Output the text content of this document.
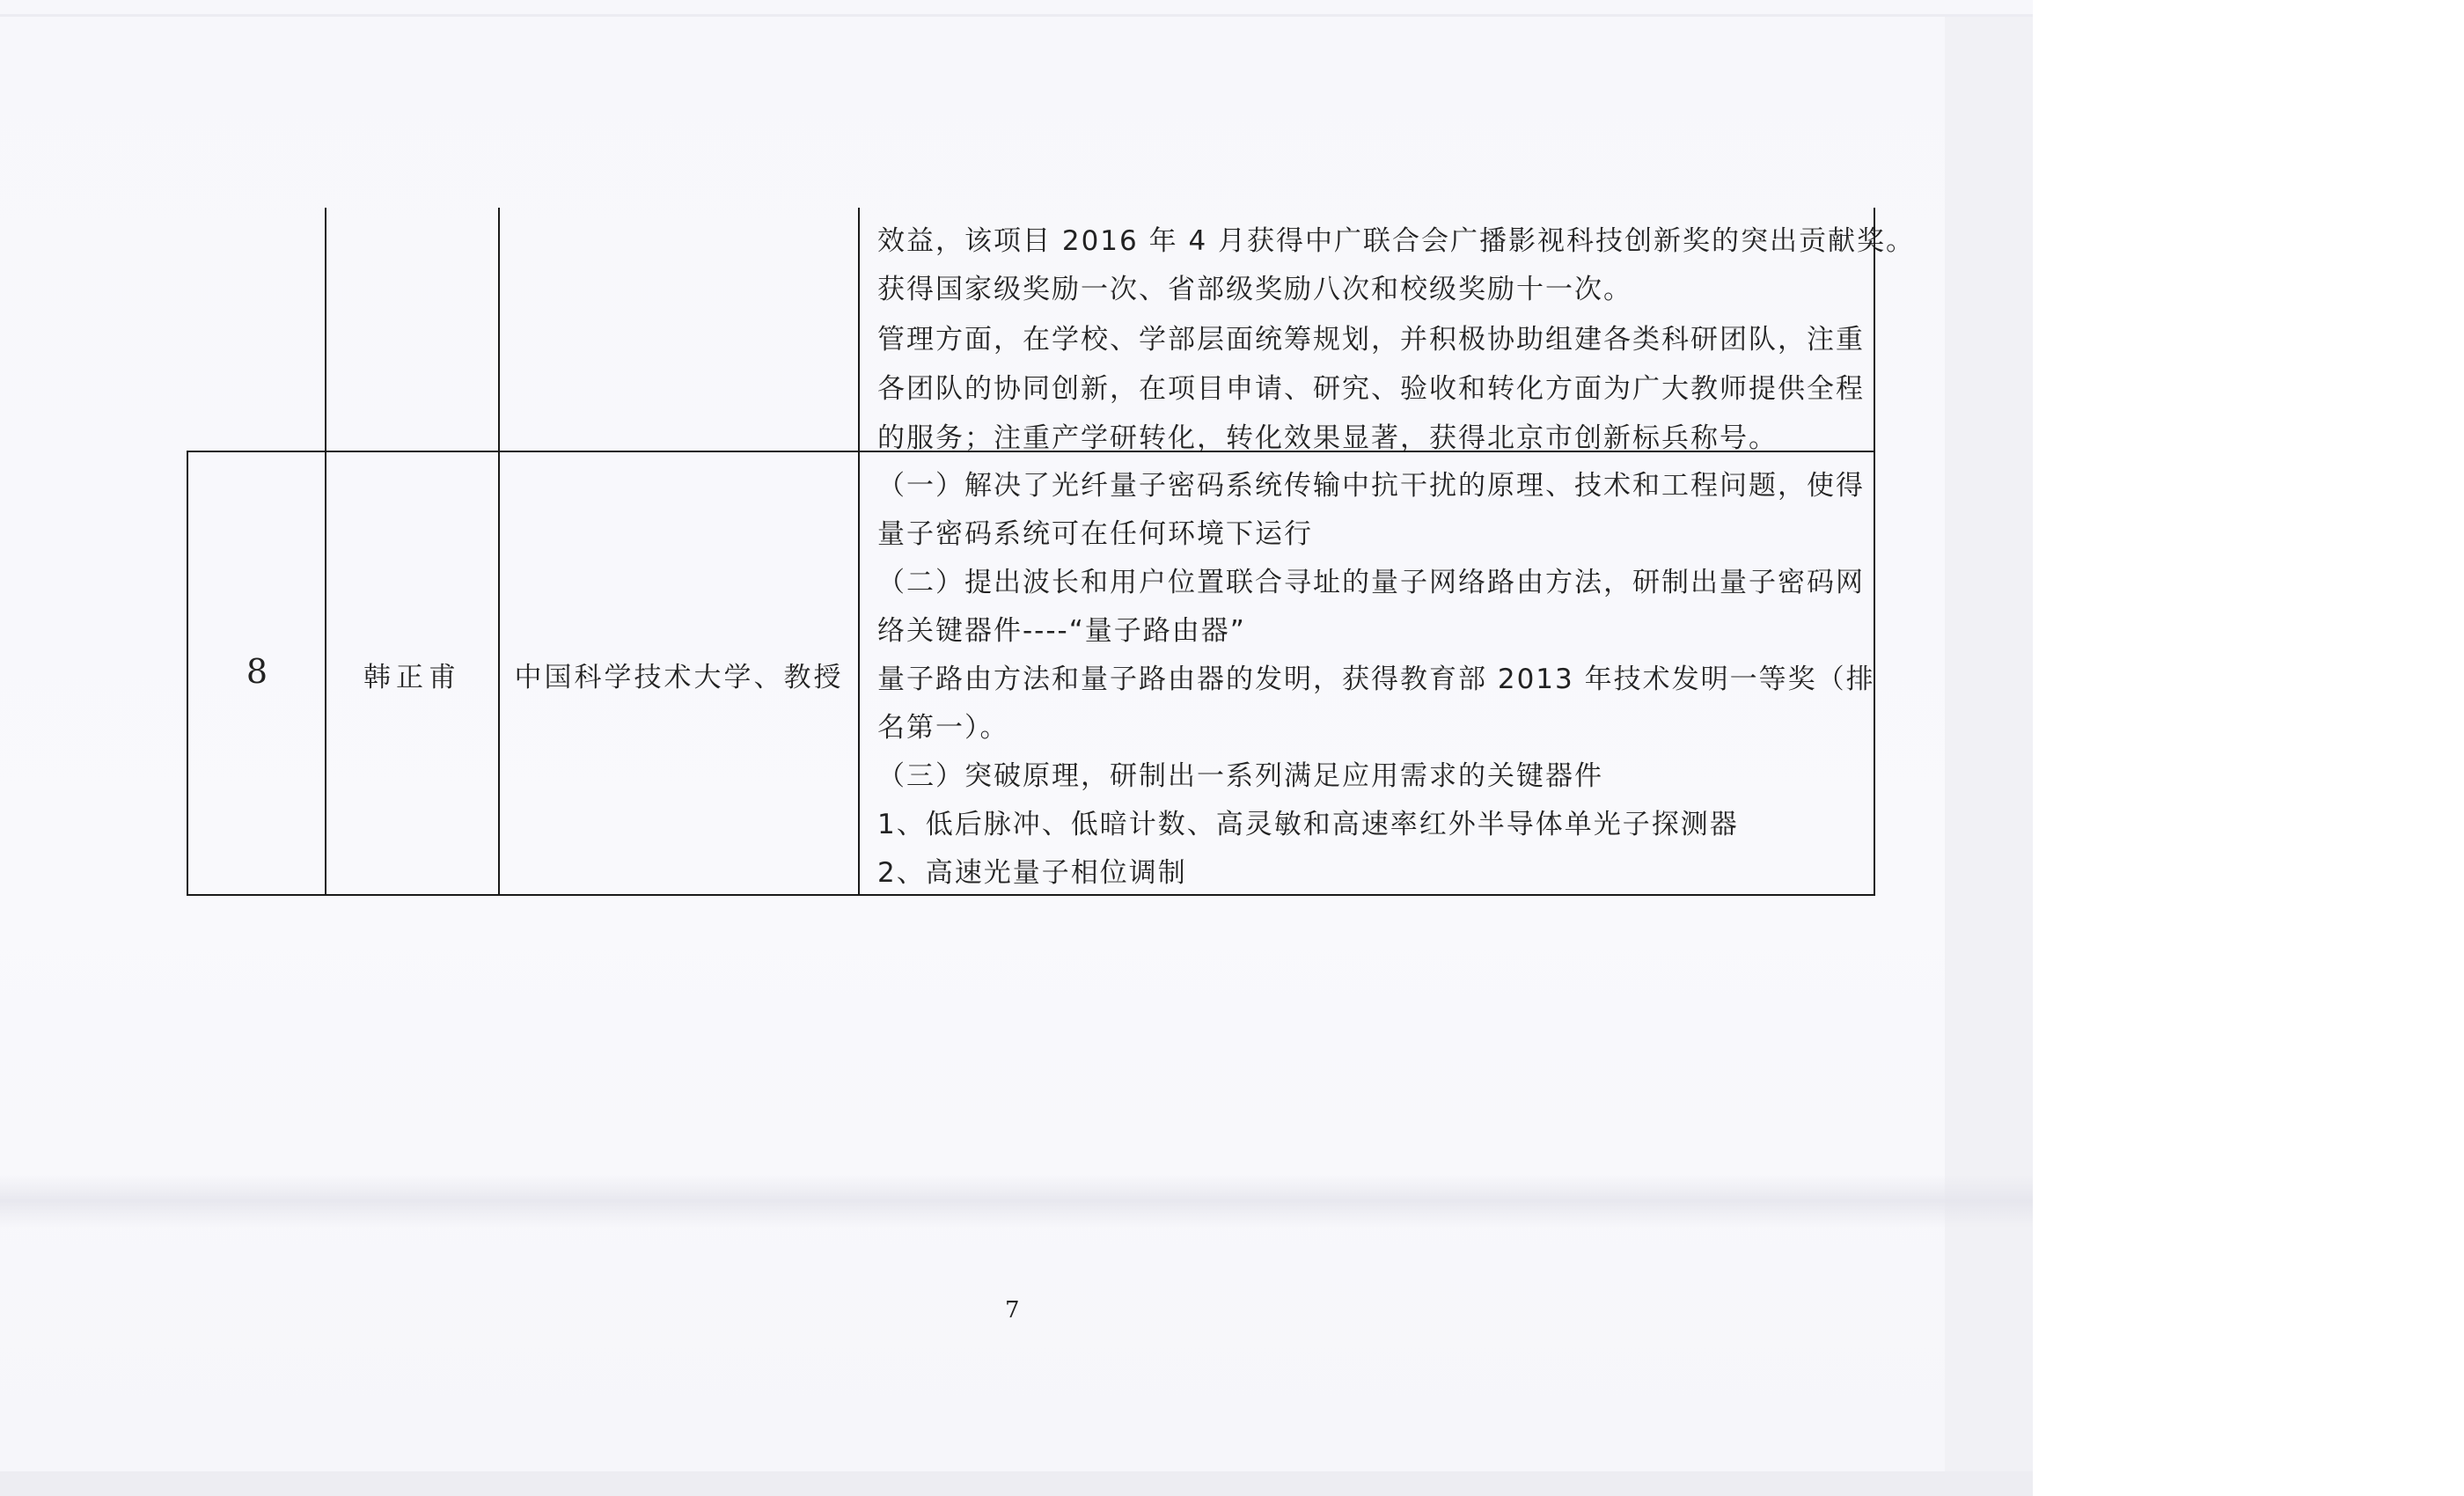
效益，该项目 2016 年 4 月获得中广联合会广播影视科技创新奖的突出贡献奖。
获得国家级奖励一次、省部级奖励八次和校级奖励十一次。
管理方面，在学校、学部层面统筹规划，并积极协助组建各类科研团队，注重
各团队的协同创新，在项目申请、研究、验收和转化方面为广大教师提供全程
的服务；注重产学研转化，转化效果显著，获得北京市创新标兵称号。
8	韩正甫	中国科学技术大学、教授
（一）解决了光纤量子密码系统传输中抗干扰的原理、技术和工程问题，使得
量子密码系统可在任何环境下运行
（二）提出波长和用户位置联合寻址的量子网络路由方法，研制出量子密码网
络关键器件----“量子路由器”
量子路由方法和量子路由器的发明，获得教育部 2013 年技术发明一等奖（排
名第一）。
（三）突破原理，研制出一系列满足应用需求的关键器件
1、低后脉冲、低暗计数、高灵敏和高速率红外半导体单光子探测器
2、高速光量子相位调制
7
